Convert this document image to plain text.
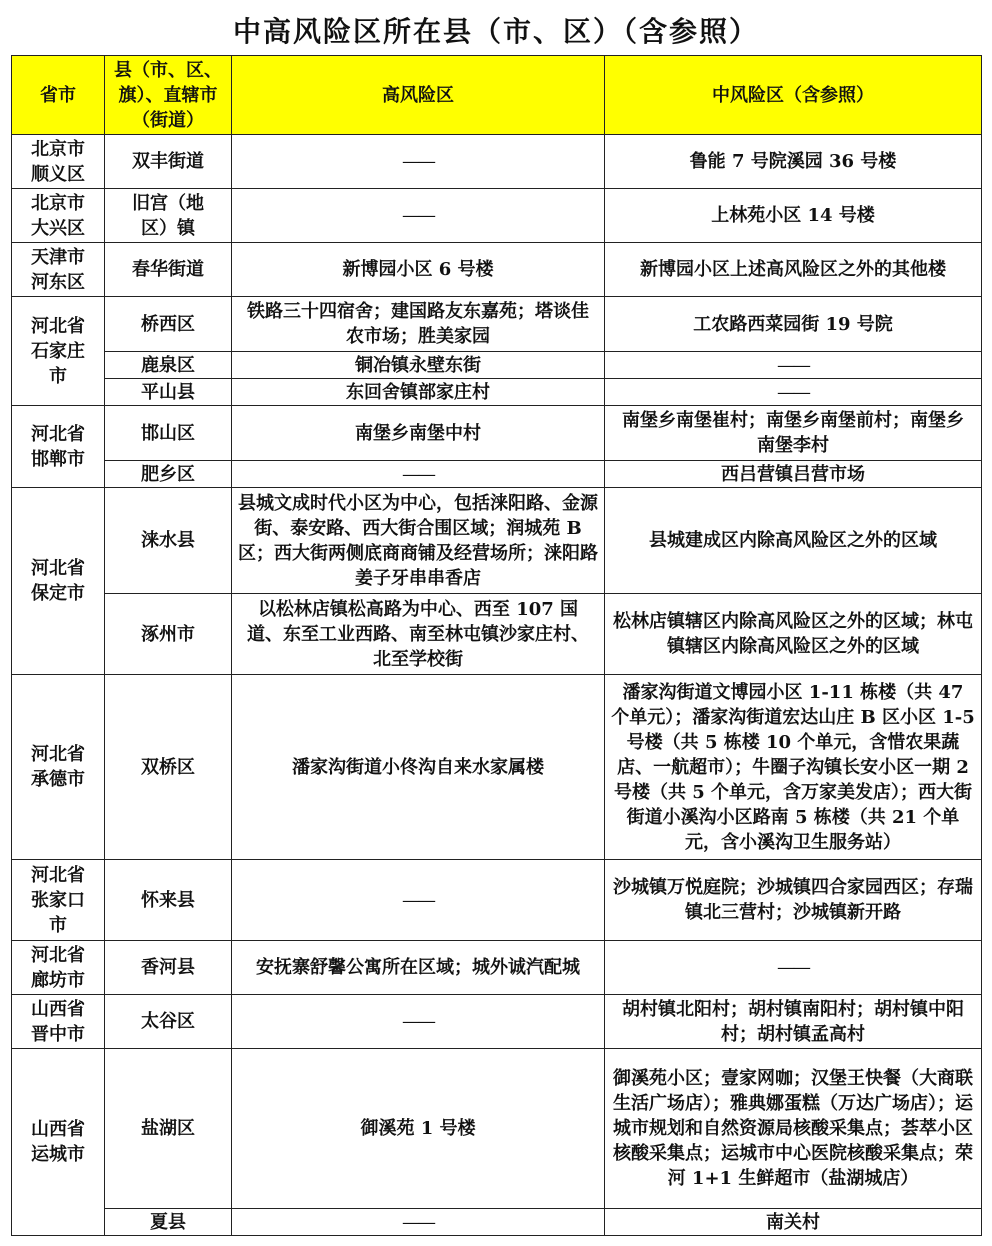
中高风险区所在县（市、区）（含参照）
省市	县（市、区、旗）、直辖市（街道）	高风险区	中风险区（含参照）
北京市顺义区	双丰街道	——	鲁能 7 号院溪园 36 号楼
北京市大兴区	旧宫（地区）镇	——	上林苑小区 14 号楼
天津市河东区	春华街道	新博园小区 6 号楼	新博园小区上述高风险区之外的其他楼
河北省石家庄市	桥西区	铁路三十四宿舍；建国路友东嘉苑；塔谈佳农市场；胜美家园	工农路西菜园街 19 号院
	鹿泉区	铜冶镇永壁东街	——
	平山县	东回舍镇部家庄村	——
河北省邯郸市	邯山区	南堡乡南堡中村	南堡乡南堡崔村；南堡乡南堡前村；南堡乡南堡李村
	肥乡区	——	西吕营镇吕营市场
河北省保定市	涞水县	县城文成时代小区为中心，包括涞阳路、金源街、泰安路、西大街合围区域；润城苑 B 区；西大街两侧底商商铺及经营场所；涞阳路姜子牙串串香店	县城建成区内除高风险区之外的区域
	涿州市	以松林店镇松高路为中心、西至 107 国道、东至工业西路、南至林屯镇沙家庄村、北至学校街	松林店镇辖区内除高风险区之外的区域；林屯镇辖区内除高风险区之外的区域
河北省承德市	双桥区	潘家沟街道小佟沟自来水家属楼	潘家沟街道文博园小区 1-11 栋楼（共 47 个单元）；潘家沟街道宏达山庄 B 区小区 1-5 号楼（共 5 栋楼 10 个单元，含惜农果蔬店、一航超市）；牛圈子沟镇长安小区一期 2 号楼（共 5 个单元，含万家美发店）；西大街街道小溪沟小区路南 5 栋楼（共 21 个单元，含小溪沟卫生服务站）
河北省张家口市	怀来县	——	沙城镇万悦庭院；沙城镇四合家园西区；存瑞镇北三营村；沙城镇新开路
河北省廊坊市	香河县	安抚寨舒馨公寓所在区域；城外诚汽配城	——
山西省晋中市	太谷区	——	胡村镇北阳村；胡村镇南阳村；胡村镇中阳村；胡村镇孟高村
山西省运城市	盐湖区	御溪苑 1 号楼	御溪苑小区；壹家网咖；汉堡王快餐（大商联生活广场店）；雅典娜蛋糕（万达广场店）；运城市规划和自然资源局核酸采集点；荟萃小区核酸采集点；运城市中心医院核酸采集点；荣河 1+1 生鲜超市（盐湖城店）
	夏县	——	南关村
